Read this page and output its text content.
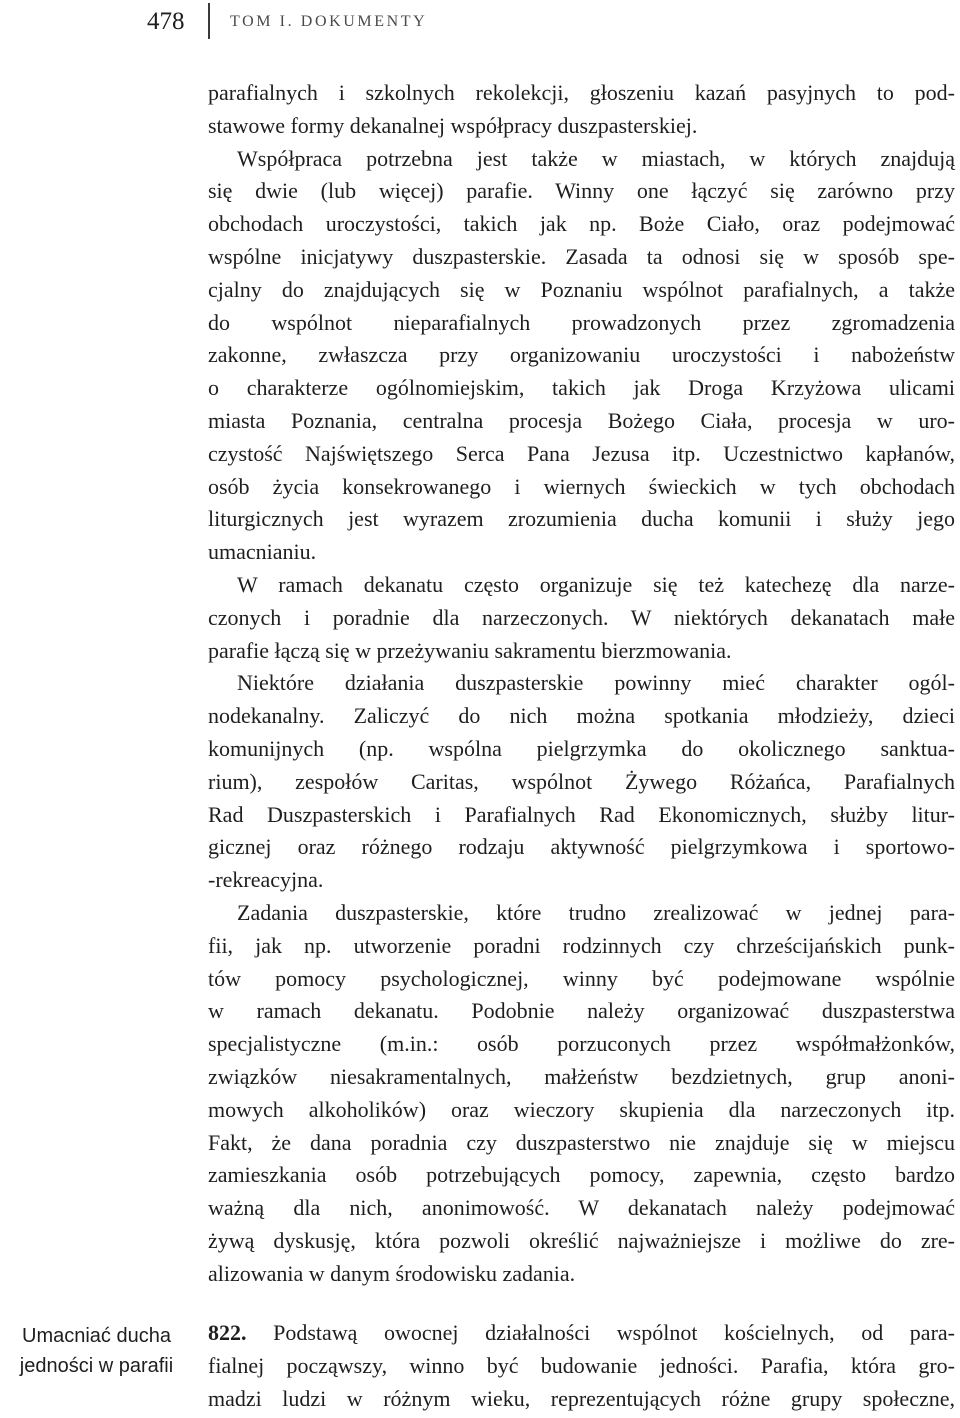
478	TOM I. DOKUMENTY
parafialnych i szkolnych rekolekcji, głoszeniu kazań pasyjnych to pod-
stawowe formy dekanalnej współpracy duszpasterskiej.
Współpraca potrzebna jest także w miastach, w których znajdują
się dwie (lub więcej) parafie. Winny one łączyć się zarówno przy
obchodach uroczystości, takich jak np. Boże Ciało, oraz podejmować
wspólne inicjatywy duszpasterskie. Zasada ta odnosi się w sposób spe-
cjalny do znajdujących się w Poznaniu wspólnot parafialnych, a także
do wspólnot nieparafialnych prowadzonych przez zgromadzenia
zakonne, zwłaszcza przy organizowaniu uroczystości i nabożeństw
o charakterze ogólnomiejskim, takich jak Droga Krzyżowa ulicami
miasta Poznania, centralna procesja Bożego Ciała, procesja w uro-
czystość Najświętszego Serca Pana Jezusa itp. Uczestnictwo kapłanów,
osób życia konsekrowanego i wiernych świeckich w tych obchodach
liturgicznych jest wyrazem zrozumienia ducha komunii i służy jego
umacnianiu.
W ramach dekanatu często organizuje się też katechezę dla narze-
czonych i poradnie dla narzeczonych. W niektórych dekanatach małe
parafie łączą się w przeżywaniu sakramentu bierzmowania.
Niektóre działania duszpasterskie powinny mieć charakter ogól-
nodekanalny. Zaliczyć do nich można spotkania młodzieży, dzieci
komunijnych (np. wspólna pielgrzymka do okolicznego sanktua-
rium), zespołów Caritas, wspólnot Żywego Różańca, Parafialnych
Rad Duszpasterskich i Parafialnych Rad Ekonomicznych, służby litur-
gicznej oraz różnego rodzaju aktywność pielgrzymkowa i sportowo-
-rekreacyjna.
Zadania duszpasterskie, które trudno zrealizować w jednej para-
fii, jak np. utworzenie poradni rodzinnych czy chrześcijańskich punk-
tów pomocy psychologicznej, winny być podejmowane wspólnie
w ramach dekanatu. Podobnie należy organizować duszpasterstwa
specjalistyczne (m.in.: osób porzuconych przez współmałżonków,
związków niesakramentalnych, małżeństw bezdzietnych, grup anoni-
mowych alkoholików) oraz wieczory skupienia dla narzeczonych itp.
Fakt, że dana poradnia czy duszpasterstwo nie znajduje się w miejscu
zamieszkania osób potrzebujących pomocy, zapewnia, często bardzo
ważną dla nich, anonimowość. W dekanatach należy podejmować
żywą dyskusję, która pozwoli określić najważniejsze i możliwe do zre-
alizowania w danym środowisku zadania.
822. Podstawą owocnej działalności wspólnot kościelnych, od para-
fialnej począwszy, winno być budowanie jedności. Parafia, która gro-
madzi ludzi w różnym wieku, reprezentujących różne grupy społeczne,
Umacniać ducha
jedności w parafii
